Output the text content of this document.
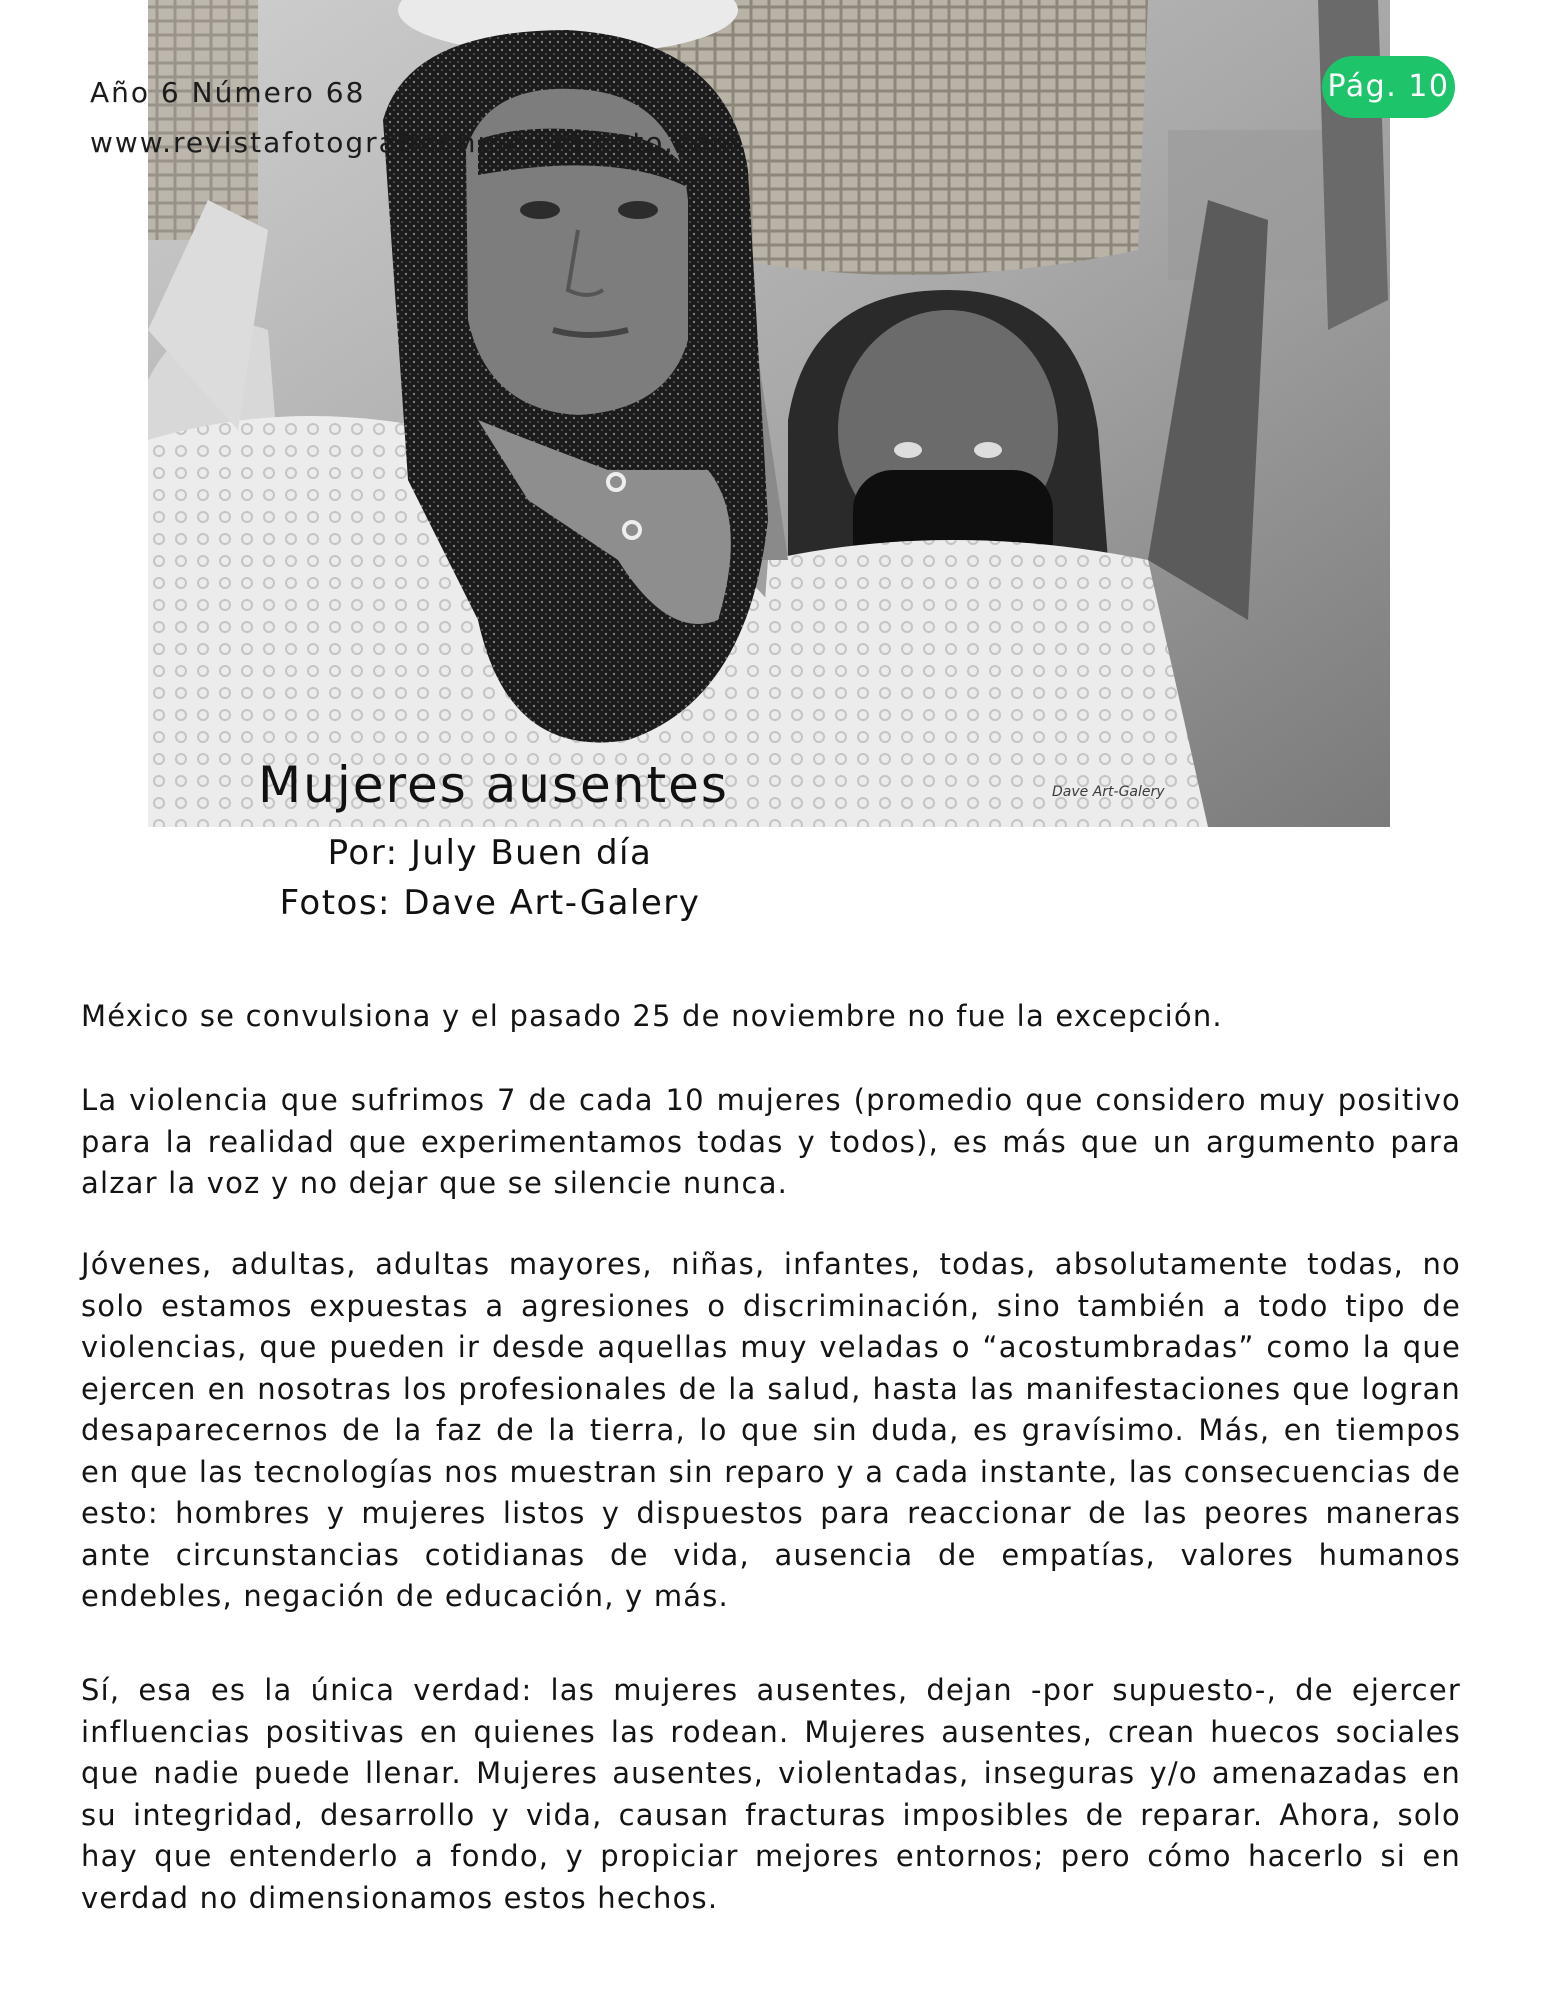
Año 6 Número 68
www.revistafotografiaenmovimiento.com
Pág. 10
Dave Art-Galery
Mujeres ausentes
Por: July Buen día
Fotos: Dave Art-Galery

México se convulsiona y el pasado 25 de noviembre no fue la excepción.

La violencia que sufrimos 7 de cada 10 mujeres (promedio que considero muy positivo para la realidad que experimentamos todas y todos), es más que un argumento para alzar la voz y no dejar que se silencie nunca.

Jóvenes, adultas, adultas mayores, niñas, infantes, todas, absolutamente todas, no solo estamos expuestas a agresiones o discriminación, sino también a todo tipo de violencias, que pueden ir desde aquellas muy veladas o “acostumbradas” como la que ejercen en nosotras los profesionales de la salud, hasta las manifestaciones que logran desaparecernos de la faz de la tierra, lo que sin duda, es gravísimo. Más, en tiempos en que las tecnologías nos muestran sin reparo y a cada instante, las consecuencias de esto: hombres y mujeres listos y dispuestos para reaccionar de las peores maneras ante circunstancias cotidianas de vida, ausencia de empatías, valores humanos endebles, negación de educación, y más.

Sí, esa es la única verdad: las mujeres ausentes, dejan -por supuesto-, de ejercer influencias positivas en quienes las rodean. Mujeres ausentes, crean huecos sociales que nadie puede llenar. Mujeres ausentes, violentadas, inseguras y/o amenazadas en su integridad, desarrollo y vida, causan fracturas imposibles de reparar. Ahora, solo hay que entenderlo a fondo, y propiciar mejores entornos; pero cómo hacerlo si en verdad no dimensionamos estos hechos.
